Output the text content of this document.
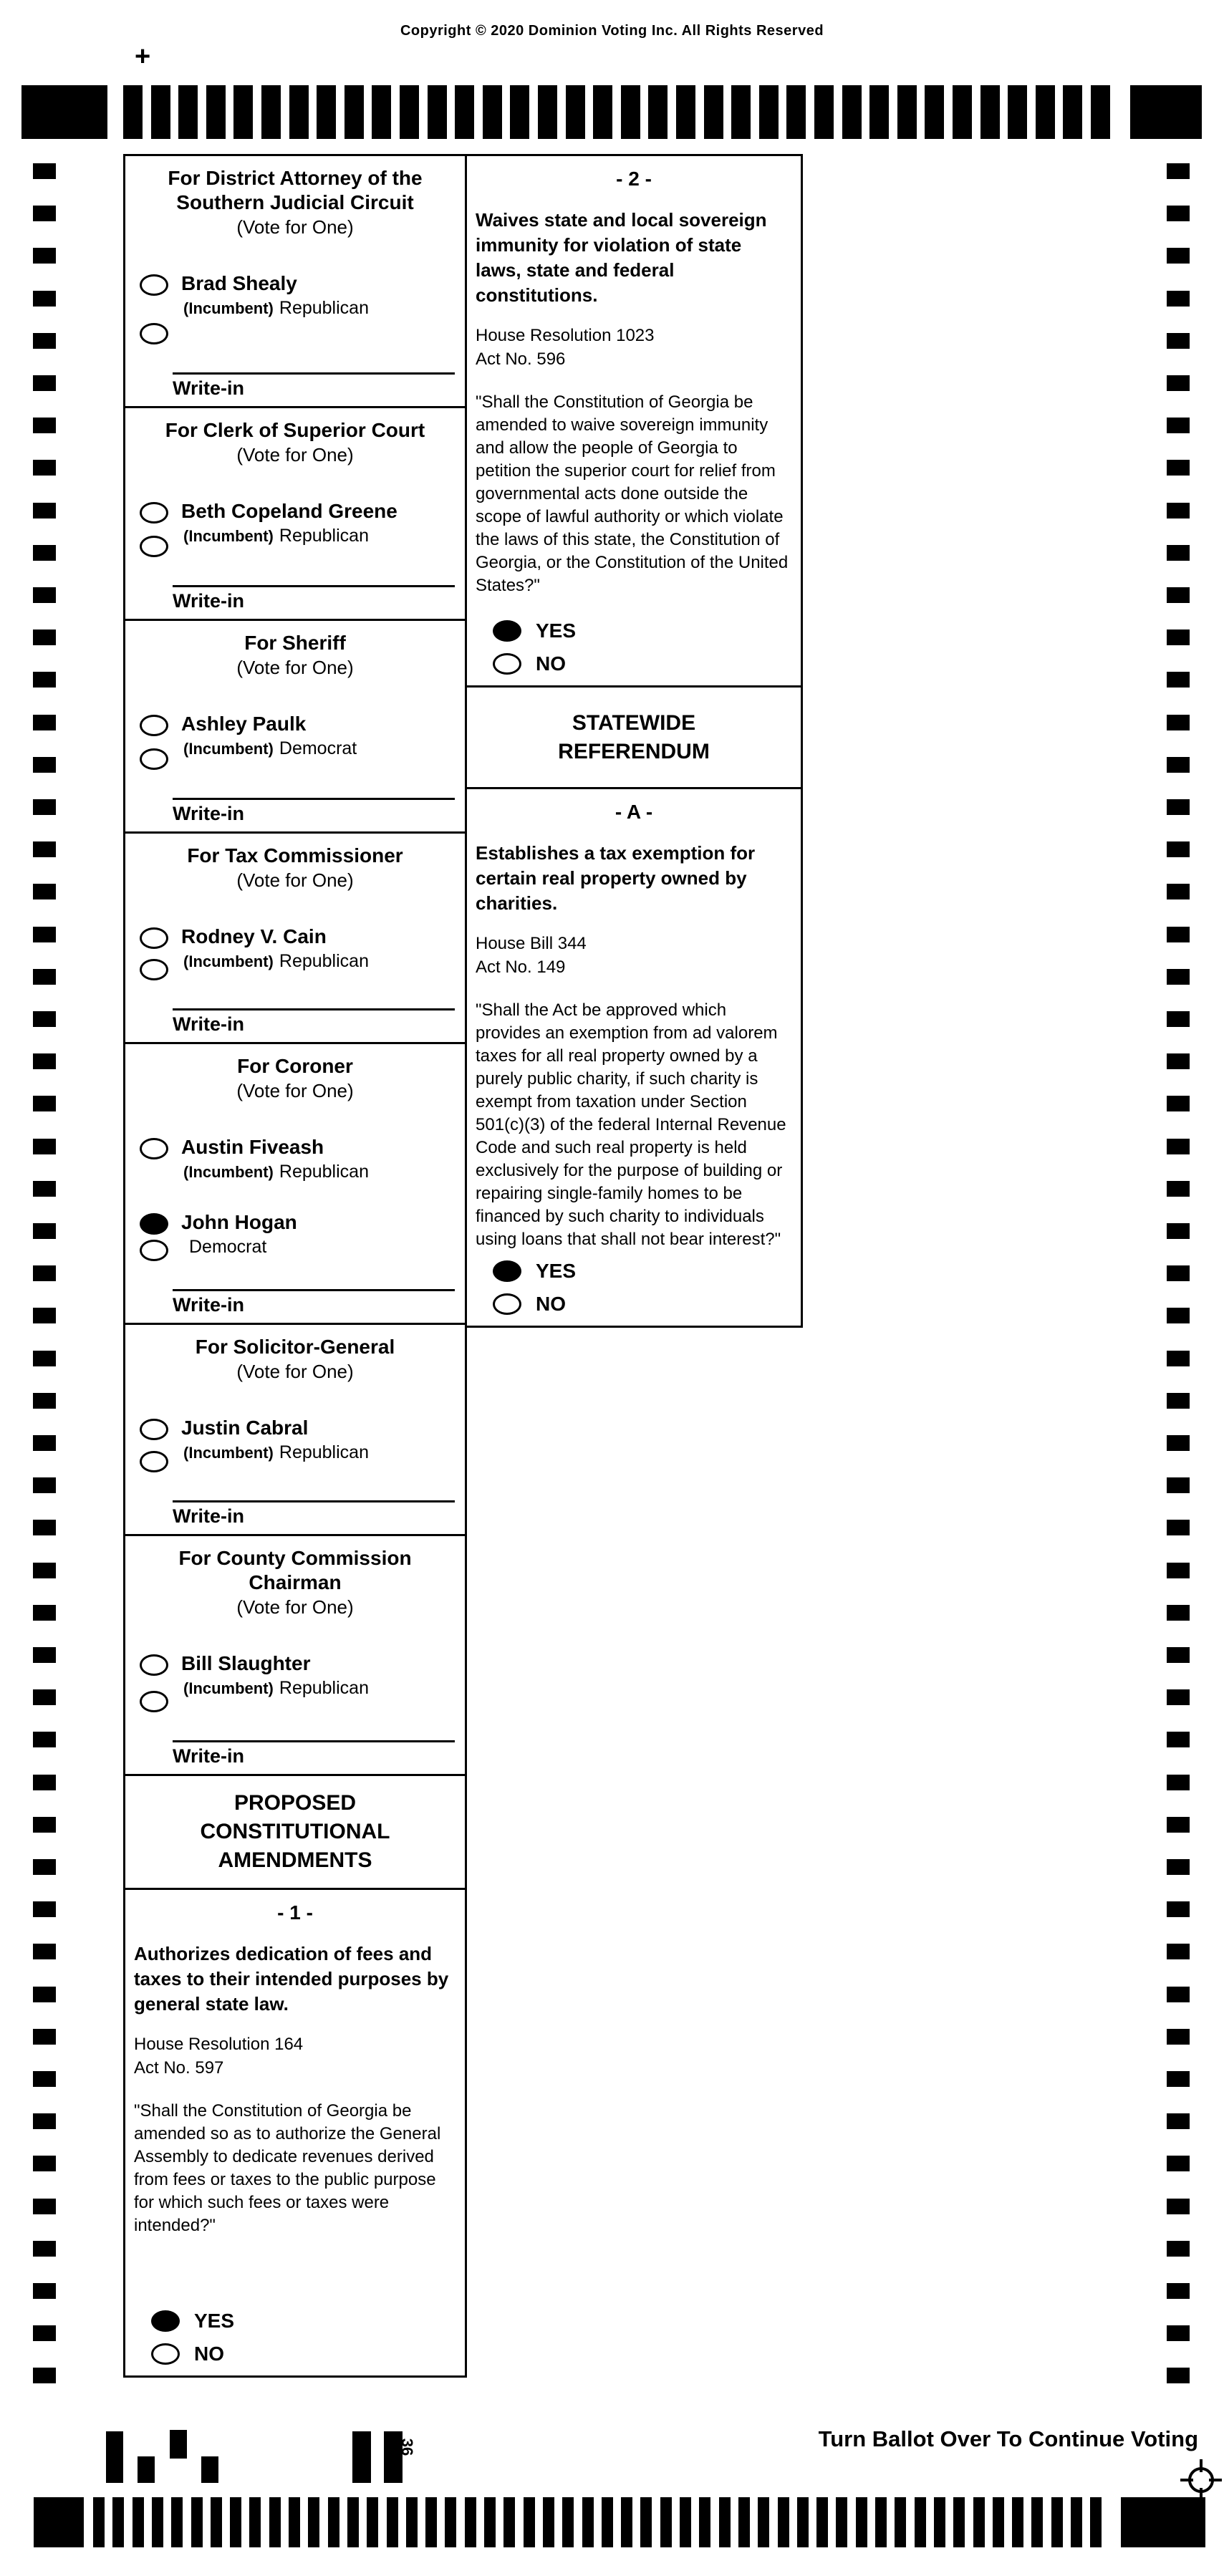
Copyright © 2020 Dominion Voting Inc. All Rights Reserved
+
For District Attorney of the
Southern Judicial Circuit
(Vote for One)
Brad Shealy
(Incumbent) Republican
Write-in
For Clerk of Superior Court
(Vote for One)
Beth Copeland Greene
(Incumbent) Republican
Write-in
For Sheriff
(Vote for One)
Ashley Paulk
(Incumbent) Democrat
Write-in
For Tax Commissioner
(Vote for One)
Rodney V. Cain
(Incumbent) Republican
Write-in
For Coroner
(Vote for One)
Austin Fiveash
(Incumbent) Republican
John Hogan
Democrat
Write-in
For Solicitor-General
(Vote for One)
Justin Cabral
(Incumbent) Republican
Write-in
For County Commission
Chairman
(Vote for One)
Bill Slaughter
(Incumbent) Republican
Write-in
PROPOSED
CONSTITUTIONAL
AMENDMENTS
- 1 -
Authorizes dedication of fees and taxes to their intended purposes by general state law.
House Resolution 164
Act No. 597
"Shall the Constitution of Georgia be amended so as to authorize the General Assembly to dedicate revenues derived from fees or taxes to the public purpose for which such fees or taxes were intended?"
YES
NO
- 2 -
Waives state and local sovereign immunity for violation of state laws, state and federal constitutions.
House Resolution 1023
Act No. 596
"Shall the Constitution of Georgia be amended to waive sovereign immunity and allow the people of Georgia to petition the superior court for relief from governmental acts done outside the scope of lawful authority or which violate the laws of this state, the Constitution of Georgia, or the Constitution of the United States?"
YES
NO
STATEWIDE
REFERENDUM
- A -
Establishes a tax exemption for certain real property owned by charities.
House Bill 344
Act No. 149
"Shall the Act be approved which provides an exemption from ad valorem taxes for all real property owned by a purely public charity, if such charity is exempt from taxation under Section 501(c)(3) of the federal Internal Revenue Code and such real property is held exclusively for the purpose of building or repairing single-family homes to be financed by such charity to individuals using loans that shall not bear interest?"
YES
NO
Turn Ballot Over To Continue Voting
36
